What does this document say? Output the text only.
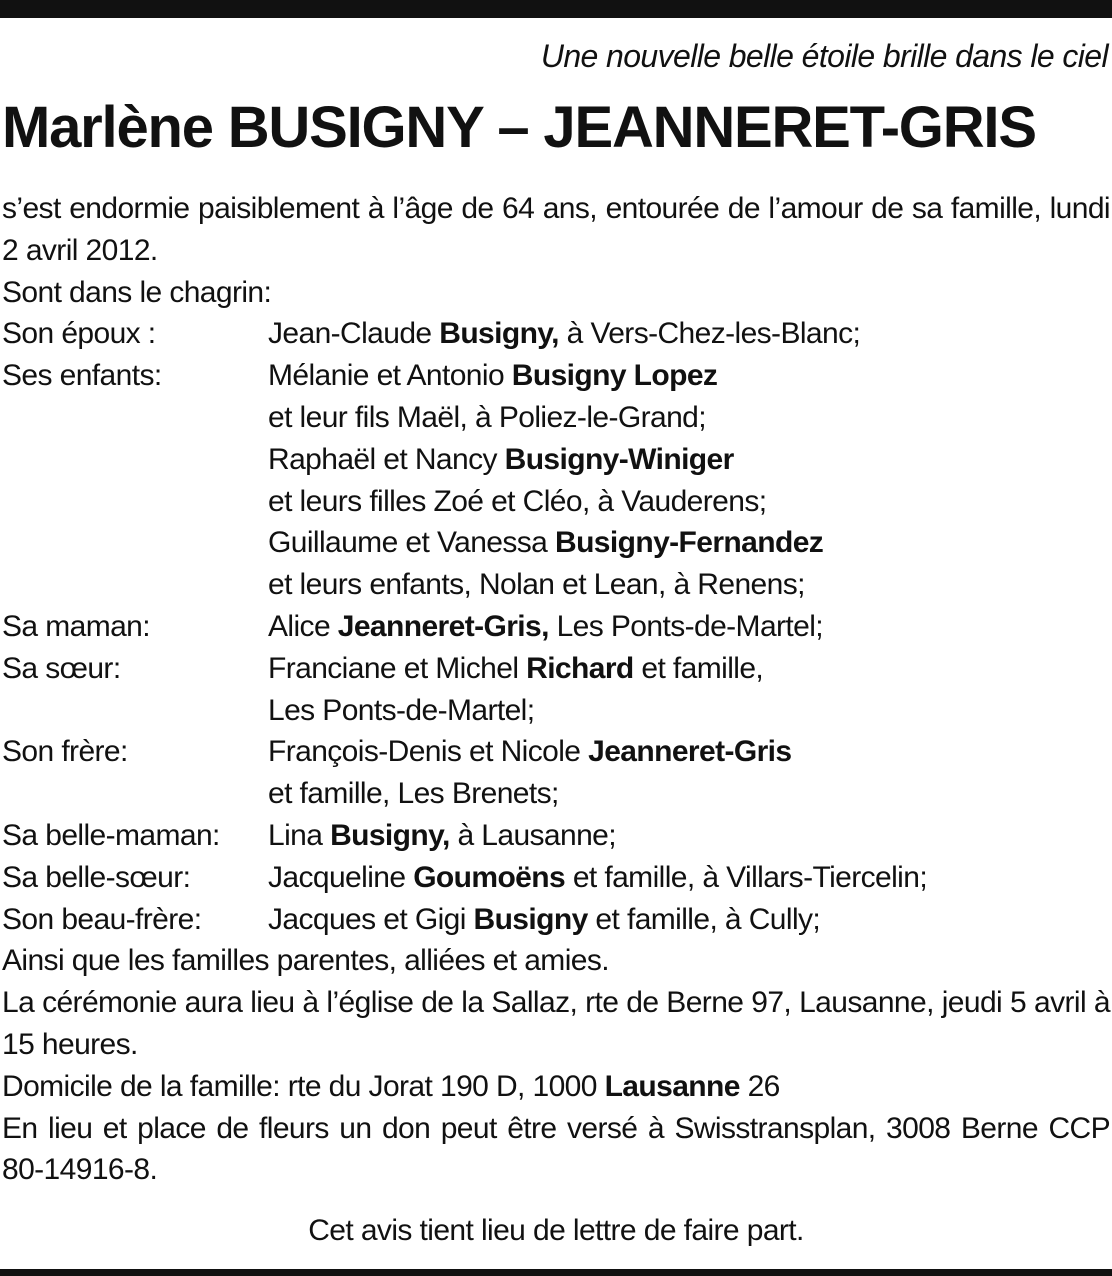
Une nouvelle belle étoile brille dans le ciel
Marlène BUSIGNY – JEANNERET-GRIS

s’est endormie paisiblement à l’âge de 64 ans, entourée de l’amour de sa famille, lundi 2 avril 2012.

Sont dans le chagrin:

Son époux :	Jean-Claude Busigny, à Vers-Chez-les-Blanc;
Ses enfants:	Mélanie et Antonio Busigny Lopez
et leur fils Maël, à Poliez-le-Grand;
Raphaël et Nancy Busigny-Winiger
et leurs filles Zoé et Cléo, à Vauderens;
Guillaume et Vanessa Busigny-Fernandez
et leurs enfants, Nolan et Lean, à Renens;
Sa maman:	Alice Jeanneret-Gris, Les Ponts-de-Martel;
Sa sœur:	Franciane et Michel Richard et famille,
Les Ponts-de-Martel;
Son frère:	François-Denis et Nicole Jeanneret-Gris
et famille, Les Brenets;
Sa belle-maman:	Lina Busigny, à Lausanne;
Sa belle-sœur:	Jacqueline Goumoëns et famille, à Villars-Tiercelin;
Son beau-frère:	Jacques et Gigi Busigny et famille, à Cully;

Ainsi que les familles parentes, alliées et amies.

La cérémonie aura lieu à l’église de la Sallaz, rte de Berne 97, Lausanne, jeudi 5 avril à 15 heures.

Domicile de la famille: rte du Jorat 190 D, 1000 Lausanne 26

En lieu et place de fleurs un don peut être versé à Swisstransplan, 3008 Berne CCP 80-14916-8.

Cet avis tient lieu de lettre de faire part.
